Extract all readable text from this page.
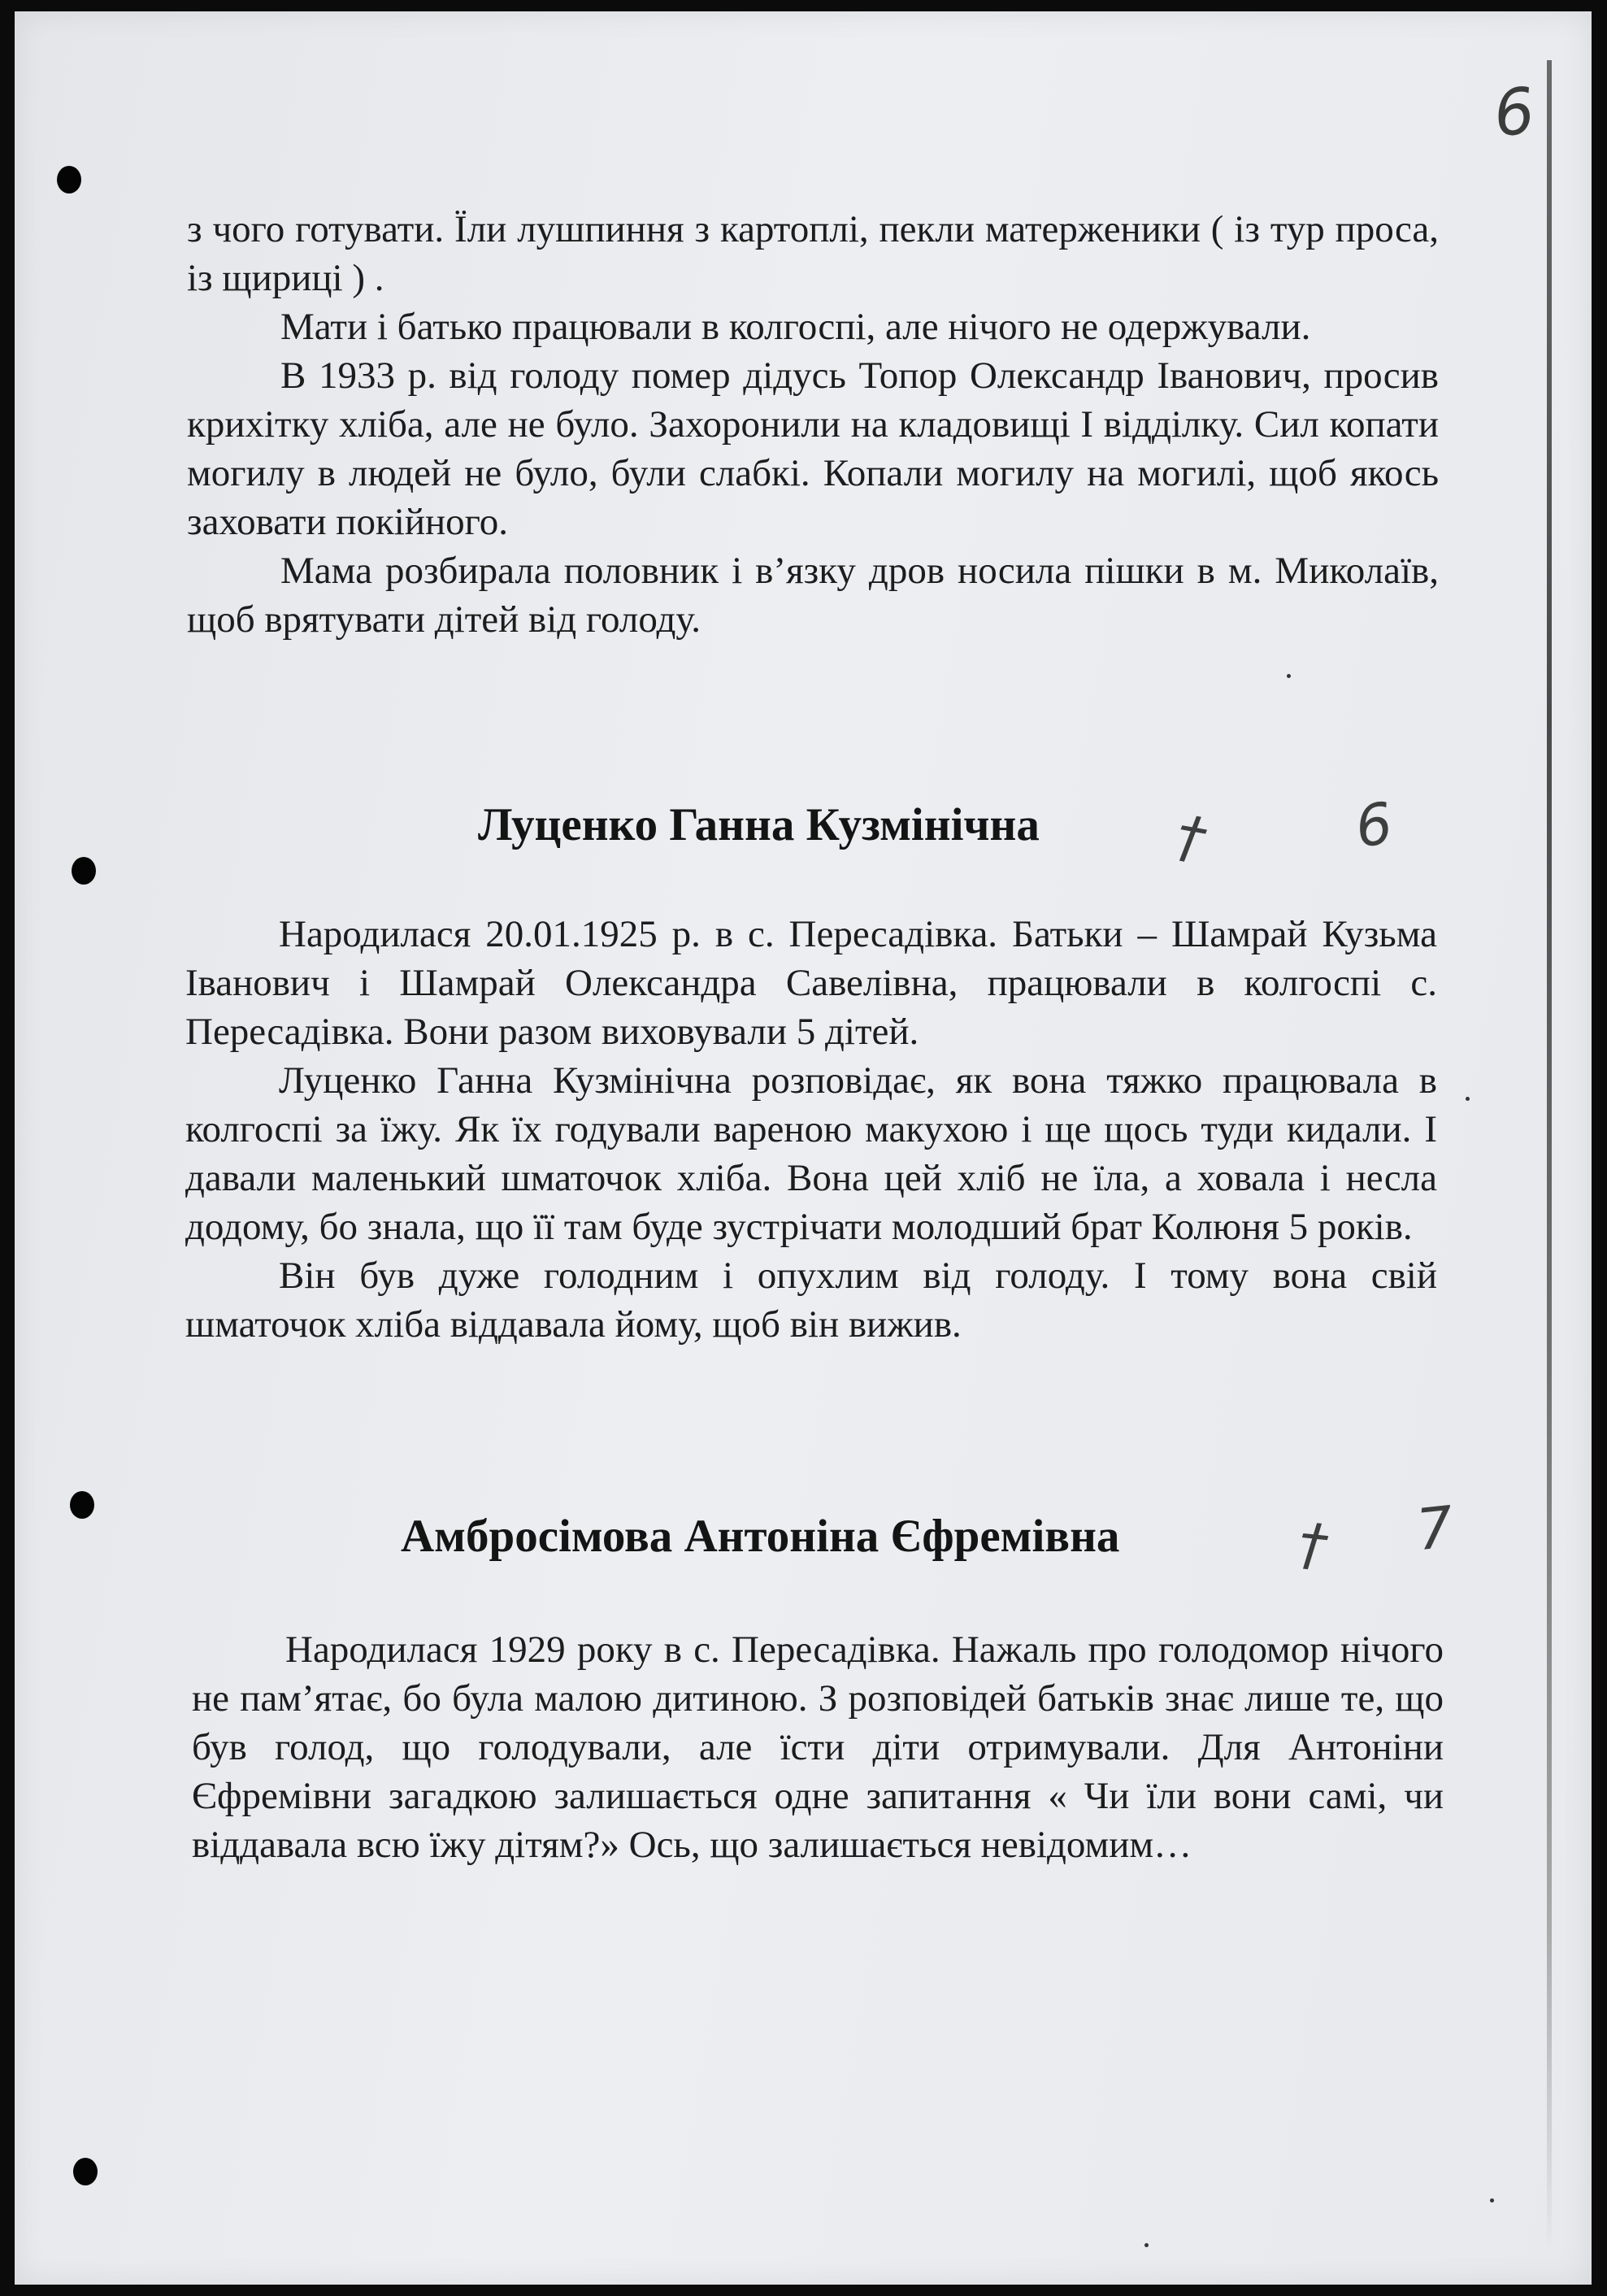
6

з чого готувати. Їли лушпиння з картоплі, пекли матерженики ( із тур проса, із щириці ) .

Мати і батько працювали в колгоспі, але нічого не одержували.

В 1933 р. від голоду помер дідусь Топор Олександр Іванович, просив крихітку хліба, але не було. Захоронили на кладовищі І відділку. Сил копати могилу в людей не було, були слабкі. Копали могилу на могилі, щоб якось заховати покійного.

Мама розбирала половник і в’язку дров носила пішки в м. Миколаїв, щоб врятувати дітей від голоду.

Луценко Ганна Кузмінічна † 6

Народилася 20.01.1925 р. в с. Пересадівка. Батьки – Шамрай Кузьма Іванович і Шамрай Олександра Савелівна, працювали в колгоспі с. Пересадівка. Вони разом виховували 5 дітей.

Луценко Ганна Кузмінічна розповідає, як вона тяжко працювала в колгоспі за їжу. Як їх годували вареною макухою і ще щось туди кидали. І давали маленький шматочок хліба. Вона цей хліб не їла, а ховала і несла додому, бо знала, що її там буде зустрічати молодший брат Колюня 5 років.

Він був дуже голодним і опухлим від голоду. І тому вона свій шматочок хліба віддавала йому, щоб він вижив.

Амбросімова Антоніна Єфремівна	† 7

Народилася 1929 року в с. Пересадівка. Нажаль про голодомор нічого не пам’ятає, бо була малою дитиною. З розповідей батьків знає лише те, що був голод, що голодували, але їсти діти отримували. Для Антоніни Єфремівни загадкою залишається одне запитання « Чи їли вони самі, чи віддавала всю їжу дітям?» Ось, що залишається невідомим…
